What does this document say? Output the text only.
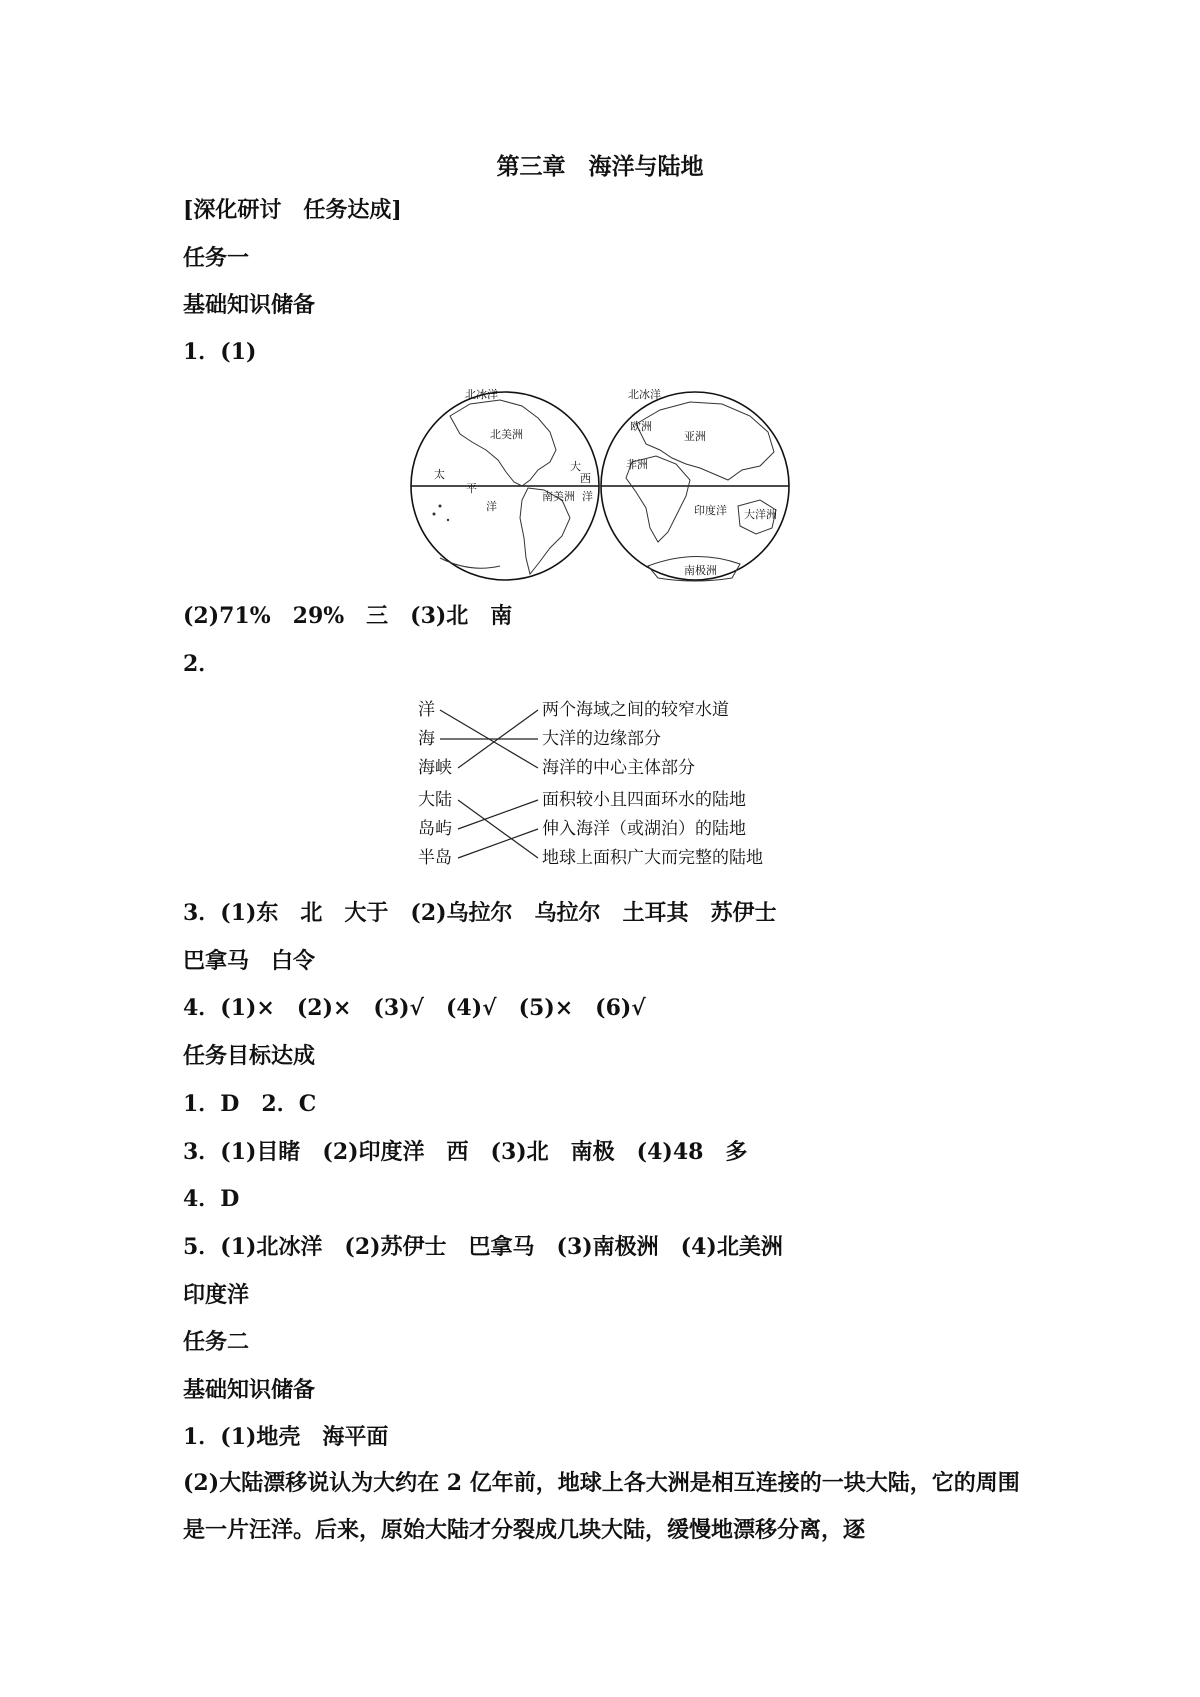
第三章　海洋与陆地
[深化研讨　任务达成]
任务一
基础知识储备
1．(1)
北冰洋
北美洲
大
西
太
平
洋
南美洲 洋
北冰洋
欧洲
亚洲
非洲
印度洋 大洋洲
南极洲
(2)71%　29%　三　(3)北　南
2．
洋
海
海峡
大陆
岛屿
半岛
两个海域之间的较窄水道
大洋的边缘部分
海洋的中心主体部分
面积较小且四面环水的陆地
伸入海洋（或湖泊）的陆地
地球上面积广大而完整的陆地
3．(1)东　北　大于　(2)乌拉尔　乌拉尔　土耳其　苏伊士
巴拿马　白令
4．(1)×　(2)×　(3)√　(4)√　(5)×　(6)√
任务目标达成
1．D　2．C
3．(1)目睹　(2)印度洋　西　(3)北　南极　(4)48　多
4．D
5．(1)北冰洋　(2)苏伊士　巴拿马　(3)南极洲　(4)北美洲
印度洋
任务二
基础知识储备
1．(1)地壳　海平面
(2)大陆漂移说认为大约在 2 亿年前，地球上各大洲是相互连接的一块大陆，它的周围是一片汪洋。后来，原始大陆才分裂成几块大陆，缓慢地漂移分离，逐
